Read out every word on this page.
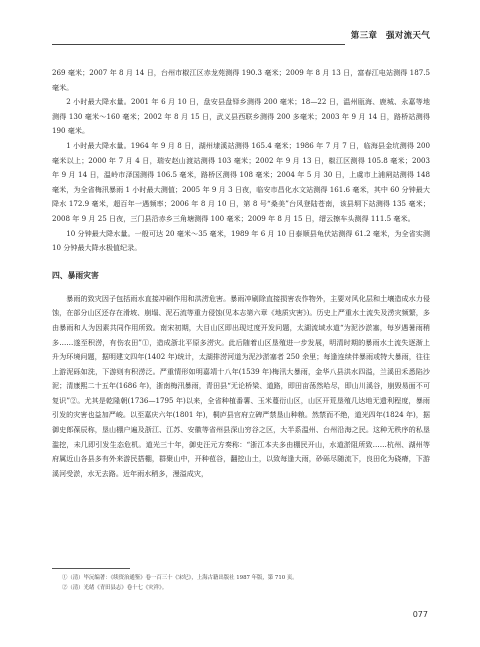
第三章　强对流天气

269 毫米；2007 年 8 月 14 日，台州市椒江区赤龙苑测得 190.3 毫米；2009 年 8 月 13 日，富春江电站测得 187.5 毫米。

2 小时最大降水量。2001 年 6 月 10 日，盘安县盘铎乡测得 200 毫米；18—22 日，温州瓯海、鹿城、永嘉等地测得 130 毫米～160 毫米；2002 年 8 月 15 日，武义县西联乡测得 200 多毫米；2003 年 9 月 14 日，路桥站测得 190 毫米。

1 小时最大降水量。1964 年 9 月 8 日，湖州埭溪站测得 165.4 毫米；1986 年 7 月 7 日，临海县金坑测得 200 毫米以上；2000 年 7 月 4 日，瑞安赵山渡站测得 103 毫米；2002 年 9 月 13 日，椒江区测得 105.8 毫米；2003 年 9 月 14 日，温岭市泽国测得 106.5 毫米，路桥区测得 108 毫米；2004 年 5 月 30 日，上虞市上浦闸站测得 148 毫米，为全省梅汛暴雨 1 小时最大测值；2005 年 9 月 3 日夜，临安市昌化水文站测得 161.6 毫米，其中 60 分钟最大降水 172.9 毫米，超百年一遇频率；2006 年 8 月 10 日，第 8 号“桑美”台风登陆苍南，该县垌下站测得 135 毫米；2008 年 9 月 25 日夜，三门县沿赤乡三角塘测得 100 毫米；2009 年 8 月 15 日，缙云擦车头测得 111.5 毫米。

10 分钟最大降水量。一般可达 20 毫米～35 毫米，1989 年 6 月 10 日泰顺县龟伏站测得 61.2 毫米，为全省实测 10 分钟最大降水极值纪录。

四、暴雨灾害

暴雨的致灾因子包括雨水直接冲刷作用和洪涝危害。暴雨冲刷除直接损害农作物外，主要对风化层和土壤造成水力侵蚀，在部分山区还存在滑坡、崩塌、泥石流等重力侵蚀(见本志第六章《地质灾害》)。历史上严重水土流失及涝灾频繁，多由暴雨和人为因素共同作用所致。南宋初期，大目山区即出现过度开发问题，太湖流域水道“为泥沙淤塞，每岁遇暑雨稍多……遂至积涝，有伤农田”①，造成浙北平原多涝灾。此后随着山区垦殖进一步发展，明清时期的暴雨水土流失逐渐上升为环境问题，据明建文四年(1402 年)统计，太湖排涝河道为泥沙淤塞者 250 余里；每逢连续伴暴雨或特大暴雨，往往上游泥砾如洗，下游则有积涝泛。严重情形如明嘉靖十八年(1539 年)梅汛大暴雨，金华八县洪水四溢，兰溪田禾悉陷沙泥；清康熙二十五年(1686 年)，浙南梅汛暴雨，青田县“无论桥梁、道路，即田亩荡然哈尽，即山川溪谷，崩毁易面不可复识”②。尤其是乾隆朝(1736—1795 年)以来，全省种植番薯、玉米蔓衍山区，山区开荒垦殖几达地无遗利程度，暴雨引发的灾害也益加严峻。以至嘉庆六年(1801 年)，桐庐县官府立碑严禁垦山种粮。然禁而不绝，道光四年(1824 年)，据御史郎葆辰称，垦山棚户遍及浙江、江苏、安徽等省州县深山穷谷之区，大半系温州、台州沿海之民。这种无秩序的私垦滥挖，未几即引发生态危机。道光三十年，御史汪元方奏称：“浙江本夫多由棚民开山，水道淤阻所致……杭州、湖州等府属近山各县多有外来游民搭棚，群聚山中，开种苞谷，翻挖山土，以致每逢大雨，砂砾尽随流下，良田化为硗瘠，下游溪河受淤，水无去路。近年雨水稍多，漫溢成灾，

①（清）毕沅编著：《续资治通鉴》卷一百三十《宋纪》，上海古籍出版社 1987 年版，第 710 页。
②（清）光绪《青田县志》卷十七《灾祥》。
077
